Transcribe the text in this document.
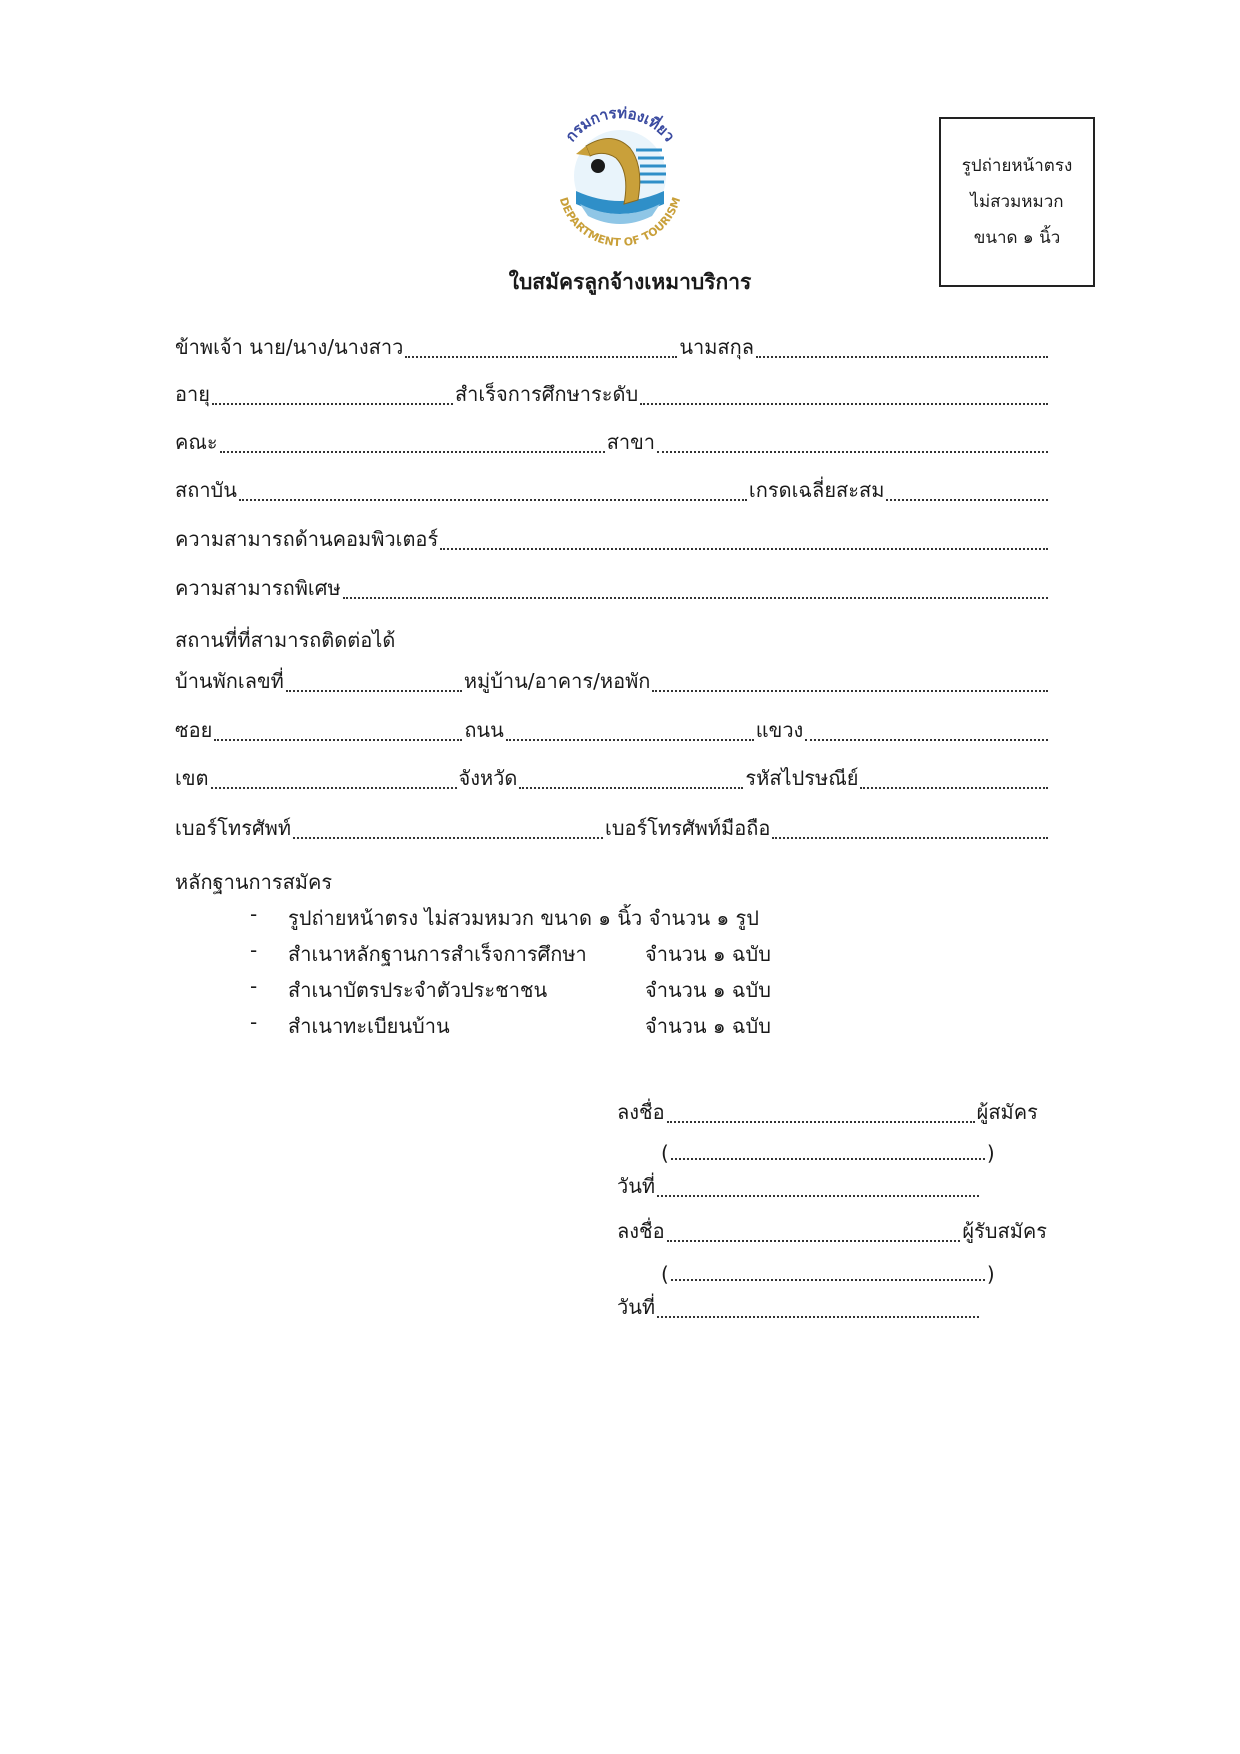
กรมการท่องเที่ยว
DEPARTMENT OF TOURISM
รูปถ่ายหน้าตรง
ไม่สวมหมวก
ขนาด ๑ นิ้ว
ใบสมัครลูกจ้างเหมาบริการ
ข้าพเจ้า นาย/นาง/นางสาว	นามสกุล
อายุ	สำเร็จการศึกษาระดับ
คณะ	สาขา
สถาบัน	เกรดเฉลี่ยสะสม
ความสามารถด้านคอมพิวเตอร์
ความสามารถพิเศษ
สถานที่ที่สามารถติดต่อได้
บ้านพักเลขที่	หมู่บ้าน/อาคาร/หอพัก
ซอย	ถนน	แขวง
เขต	จังหวัด	รหัสไปรษณีย์
เบอร์โทรศัพท์	เบอร์โทรศัพท์มือถือ
หลักฐานการสมัคร
- รูปถ่ายหน้าตรง ไม่สวมหมวก ขนาด ๑ นิ้ว จำนวน ๑ รูป
- สำเนาหลักฐานการสำเร็จการศึกษา	จำนวน ๑ ฉบับ
- สำเนาบัตรประจำตัวประชาชน	จำนวน ๑ ฉบับ
- สำเนาทะเบียนบ้าน	จำนวน ๑ ฉบับ
ลงชื่อ	ผู้สมัคร
(	)
วันที่
ลงชื่อ	ผู้รับสมัคร
(	)
วันที่
